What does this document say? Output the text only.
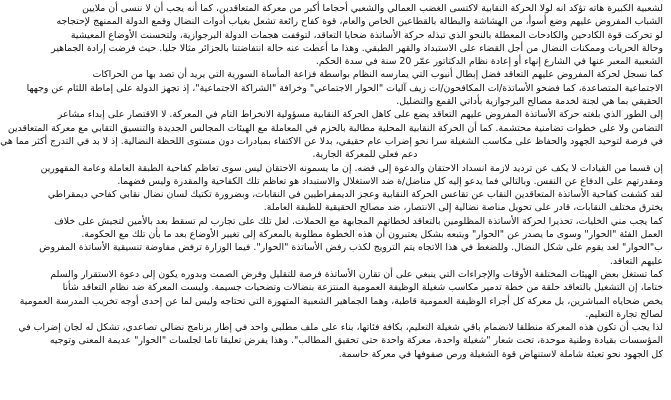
لشعبية الكبيرة هاته تؤكد انه لولا الحركة النقابية لاكتسى الغضب العمالي والشعبي أحجاما أكبر من معركة المتعاقدين، كما أنه يجب أن لا ننسى أن ملايين
الشباب المفروض عليهم وضع أسوأ، من الهشاشة والبطالة بالقطاعين الخاص والعام، قوة كفاح رائعة تشعل بغياب أدوات النضال وقمع الدولة الممنهج لإحتجاجه
لو تحركت قوة الكادحين والكادحات المعطلة بالنحو الذي تبذله حركة الأساتذة ضحايا التعاقد، لتوقفت هجمات الدولة البرجوازية، ولتحسنت الأوضاع المعيشية
وحالة الحريات وممكنات النضال من أجل القضاء على الاستبداد والقهر الطبقي. وهذا ما أعطت عنه حالة انتفاضتنا بالجزائر مثالا جليا. حيث فرضت إرادة الجماهير
الشعبية المعبر عنها في الشارع إنهاء أو إعادة نظام الدكتاتور عمّر 20 سنة في سدة الحكم.
كما نسجل لحركة المفروض عليهم التعاقد فضل إبطال أنبوب التي يمارسه النظام بواسطة فزاعة المأساة السورية التي يريد أن تصد بها من الحراكات
الاجتماعية المتصاعدة، كما فضحو الأساتذة/ات المكافحون/ات زيف آليات "الحوار الاجتماعي" وخرافة "الشراكة الاجتماعية"، إذ تجهز الدولة على إماطة اللثام عن وجهها
الحقيقي بما هي لجنة لخدمة مصالح البرجوازية بأداتي القمع والتضليل.
إلى الطور الذي بلغته حركة الأساتذة المفروض عليهم التعاقد يضع على كاهل الحركة النقابية مسؤولية الانخراط التام في المعركة. لا الاقتصار على إبداء مشاعر
التضامن ولا على خطوات تضامنية محتشمة. كما أن الحركة النقابية المحلية مطالبة بالحزم في المعاملة مع الهيئات المجالس الجديدة والتنسيق التقابي مع معركة المتعاقدين
في فرصة لتوحيد الجهود والحفاظ على مكاسب الشغيلة سرا نحو إضراب عام حقيقي، بدلا عن الاكتفاء بمبادرات دون مستوى اللحظة النضالية. إذ لا بد في التدرج أكثر مما هي
دعم فعلي للمعركة الجارية.
إن قسما من القيادات لا يكف عن ترديد لازمة انسداد الاحتقان والدعوة إلى فضه. إن ما يسمونه الاحتقان ليس سوى تعاظم كفاحية الطبقة العاملة وعامة المقهورين
ومقدرتهم على الدفاع عن النفس. وبالتالي فما يدعو إليه كل مناضل/ة ضد الاستغلال والاستبداد هو تعاظم تلك الكفاحية والمقدرة وليس فضهما.
لقد كشفت كفاحية الأساتذة المتعاقدين النقاب عن تقاعس الحركة النقابية وعجز الديمقراطيين في النقابات، وبضرورة تكتيك لسان نضال نقابي كفاحي ديمقراطي
يخترق مختلف النقابات، قادر على تحويل مناصة نضالية إلى الانتصار، ضد مصالح الحقيقية للطبقة العاملة.
كما يجب مني الخليات، تحذيرا لحركة الأساتذة المظلومين بالتعاقد لخطاتهم المجابهة مع الحملات. لعل تلك على تجارب لم تسقط بعد بالأمين لتجيش على خلاف
العمل الفئة "الحوار" وسوى ما يصدر عن "الحوار" ويتبعه بشكل يعتبرون أن هذه الخطوة مطلوبة بالمعركة إلى تغيير الأوضاع بعد ما بأن تلك مع الحكومة.
ب"الحوار" لعد يقوم على شكل النضال. وللضغط في هذا الاتجاه يتم الترويج لكذب رفض الأساتذة "الحوار". فيما الوزارة ترفض مفاوضة تنسيقية الأساتذة المفروض
عليهم التعاقد.
كما تستغل بعض الهيئات المختلفة الأوقات والإجراءات التي ينبغي على أن تقارن الأساتذة فرصة للتقليل وفرض الصمت وبدوره يكون إلى دعوة الاستقرار والسلم
ختاما، إن التشغيل بالتعاقد حلقة من خطة تدمير مكاسب شغيلة الوظيفة العمومية المنتزعة بنضالات وتضحيات جسيمة. وليست المعركة ضد نظام التعاقد شأنا
يخص ضحاياه المباشرين، بل معركة كل أجراء الوظيفة العمومية قاطبة، وهما الجماهير الشعبية المتهورة التي تحتاجه وليس لما عن إحدى أوجه تخريب المدرسة العمومية
لصالح تجارة التعليم.
لذا يجب أن تكون هذه المعركة منطلقا لانضمام باقي شغيلة التعليم، بكافة فئاتها، بناء على ملف مطلبي واحد في إطار برنامج نضالي تصاعدي، تشكل له لجان إضراب في
المؤسسات بقيادة وطنية موحدة، تحت شعار "شغيلة واحدة، معركة واحدة حتى تحقيق المطالب". وهذا يفرض تعليقا تاما لجلسات "الحوار" عديمة المعنى وتوجيه
كل الجهود نحو تعبئة شاملة لاستنهاض قوة الشغيلة ورص صفوفها في معركة حاسمة.
